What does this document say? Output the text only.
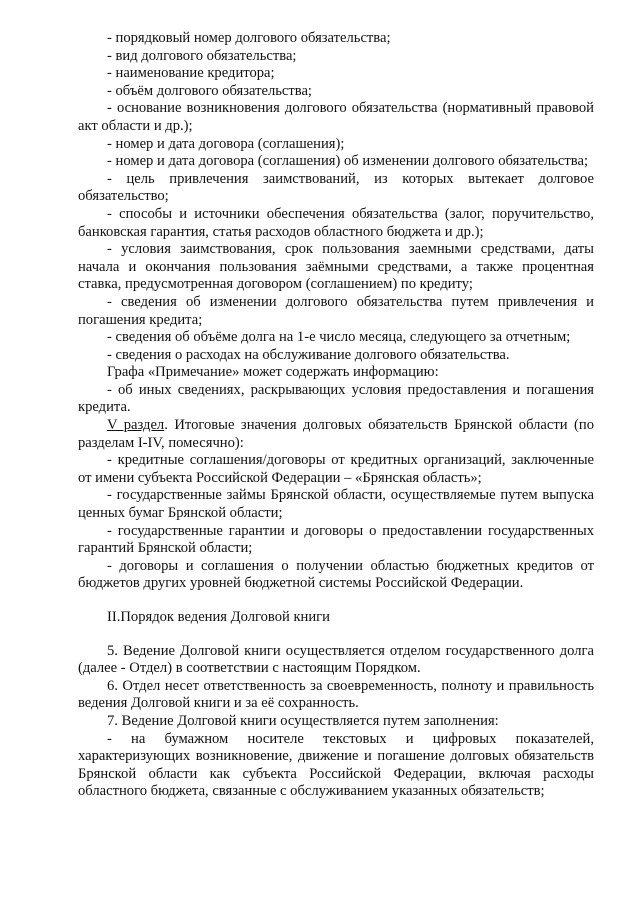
- порядковый номер долгового обязательства;

- вид долгового обязательства;

- наименование кредитора;

- объём долгового обязательства;

- основание возникновения долгового обязательства (нормативный правовой акт области и др.);

- номер и дата договора (соглашения);

- номер и дата договора (соглашения) об изменении долгового обязательства;

- цель привлечения заимствований, из которых вытекает долговое обязательство;

- способы и источники обеспечения обязательства (залог, поручительство, банковская гарантия, статья расходов областного бюджета и др.);

- условия заимствования, срок пользования заемными средствами, даты начала и окончания пользования заёмными средствами, а также процентная ставка, предусмотренная договором (соглашением) по кредиту;

- сведения об изменении долгового обязательства путем привлечения и погашения кредита;

- сведения об объёме долга на 1-е число месяца, следующего за отчетным;

- сведения о расходах на обслуживание долгового обязательства.

Графа «Примечание» может содержать информацию:

- об иных сведениях, раскрывающих условия предоставления и погашения кредита.

V раздел. Итоговые значения долговых обязательств Брянской области (по разделам I-IV, помесячно):

- кредитные соглашения/договоры от кредитных организаций, заключенные от имени субъекта Российской Федерации – «Брянская область»;

- государственные займы Брянской области, осуществляемые путем выпуска ценных бумаг Брянской области;

- государственные гарантии и договоры о предоставлении государственных гарантий Брянской области;

- договоры и соглашения о получении областью бюджетных кредитов от бюджетов других уровней бюджетной системы Российской Федерации.

II.Порядок ведения Долговой книги

5. Ведение Долговой книги осуществляется отделом государственного долга (далее - Отдел) в соответствии с настоящим Порядком.

6. Отдел несет ответственность за своевременность, полноту и правильность ведения Долговой книги и за её сохранность.

7. Ведение Долговой книги осуществляется путем заполнения:

- на бумажном носителе текстовых и цифровых показателей, характеризующих возникновение, движение и погашение долговых обязательств Брянской области как субъекта Российской Федерации, включая расходы областного бюджета, связанные с обслуживанием указанных обязательств;
